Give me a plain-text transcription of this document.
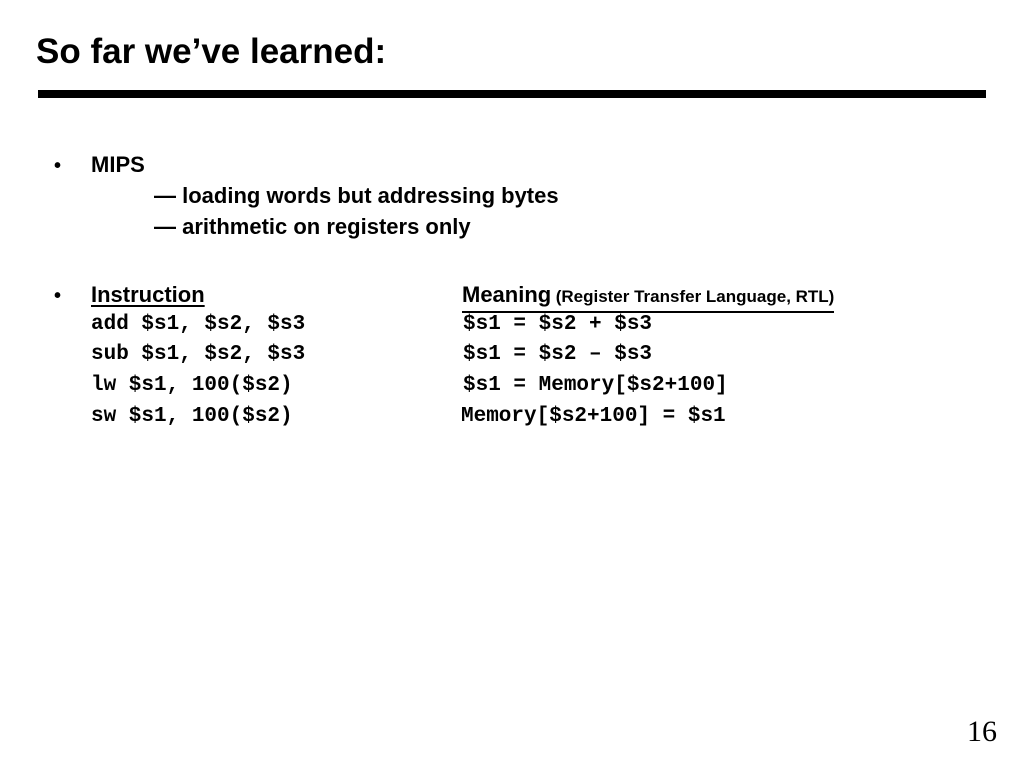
So far we’ve learned:
• MIPS
— loading words but addressing bytes
— arithmetic on registers only
• Instruction	Meaning (Register Transfer Language, RTL)
add $s1, $s2, $s3	$s1 = $s2 + $s3
sub $s1, $s2, $s3	$s1 = $s2 – $s3
lw $s1, 100($s2)	$s1 = Memory[$s2+100]
sw $s1, 100($s2)	Memory[$s2+100] = $s1
16
